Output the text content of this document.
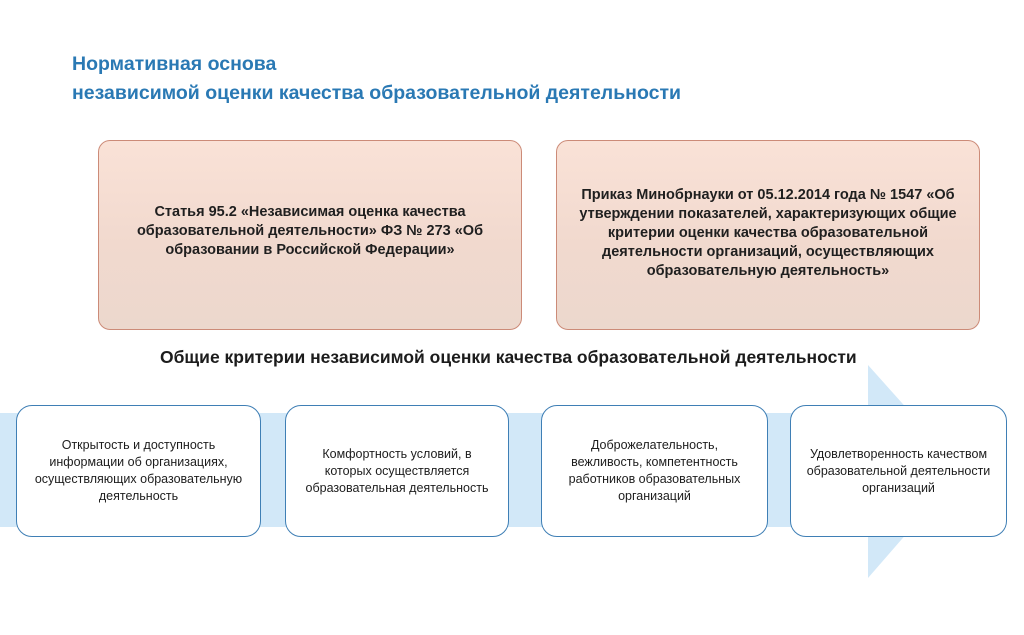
Нормативная основа
независимой оценки качества образовательной деятельности
Статья 95.2 «Независимая оценка качества образовательной деятельности» ФЗ № 273 «Об образовании в Российской Федерации»
Приказ Минобрнауки от 05.12.2014 года № 1547 «Об утверждении показателей, характеризующих общие критерии оценки качества образовательной деятельности организаций, осуществляющих образовательную деятельность»
Общие критерии независимой оценки качества образовательной деятельности
Открытость и доступность информации об организациях, осуществляющих образовательную деятельность
Комфортность условий, в которых осуществляется образовательная деятельность
Доброжелательность, вежливость, компетентность работников образовательных организаций
Удовлетворенность качеством образовательной деятельности организаций
